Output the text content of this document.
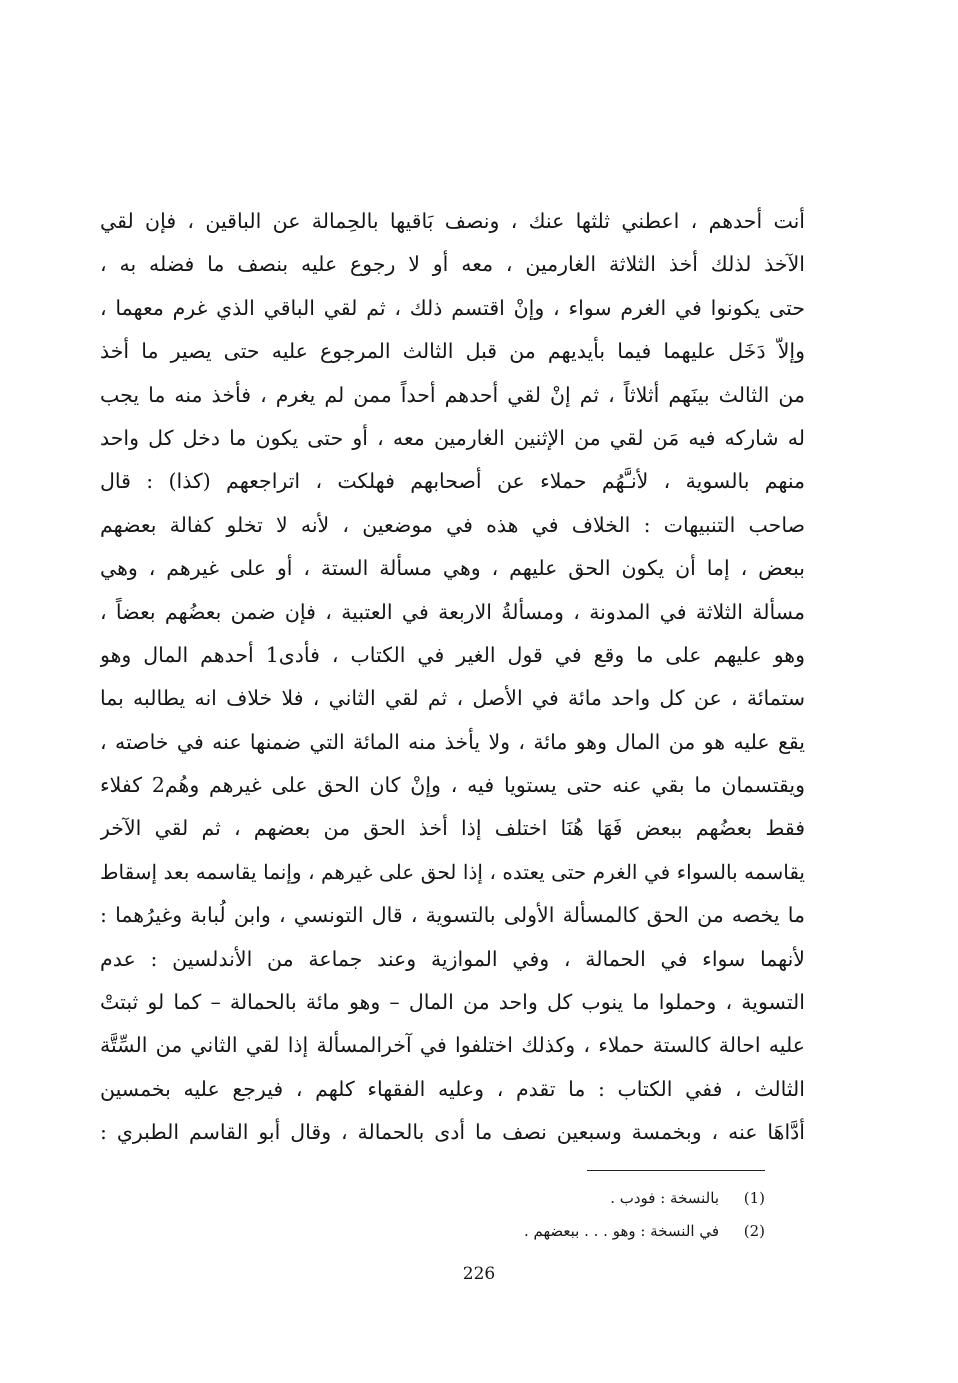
أنت أحدهم ، اعطني ثلثها عنك ، ونصف بَاقيها بالحِمالة عن الباقين ، فإن لقي
الآخذ لذلك أخذ الثلاثة الغارمين ، معه أو لا رجوع عليه بنصف ما فضله به ،
حتى يكونوا في الغرم سواء ، وإنْ اقتسم ذلك ، ثم لقي الباقي الذي غرم معهما ،
وإلاّ دَخَل عليهما فيما بأيديهم من قبل الثالث المرجوع عليه حتى يصير ما أخذ
من الثالث بينَهم أثلاثاً ، ثم إنْ لقي أحدهم أحداً ممن لم يغرم ، فأخذ منه ما يجب
له شاركه فيه مَن لقي من الإثنين الغارمين معه ، أو حتى يكون ما دخل كل واحد
منهم بالسوية ، لأنـَّهُم حملاء عن أصحابهم فهلكت ، اتراجعهم (كذا) : قال
صاحب التنبيهات : الخلاف في هذه في موضعين ، لأنه لا تخلو كفالة بعضهم
ببعض ، إما أن يكون الحق عليهم ، وهي مسألة الستة ، أو على غيرهم ، وهي
مسألة الثلاثة في المدونة ، ومسألةُ الاربعة في العتبية ، فإن ضمن بعضُهم بعضاً ،
وهو عليهم على ما وقع في قول الغير في الكتاب ، فأدى1 أحدهم المال وهو
ستمائة ، عن كل واحد مائة في الأصل ، ثم لقي الثاني ، فلا خلاف انه يطالبه بما
يقع عليه هو من المال وهو مائة ، ولا يأخذ منه المائة التي ضمنها عنه في خاصته ،
ويقتسمان ما بقي عنه حتى يستويا فيه ، وإنْ كان الحق على غيرهم وهُم2 كفلاء
فقط بعضُهم ببعض فَهَا هُنَا اختلف إذا أخذ الحق من بعضهم ، ثم لقي الآخر
يقاسمه بالسواء في الغرم حتى يعتده ، إذا لحق على غيرهم ، وإنما يقاسمه بعد إسقاط
ما يخصه من الحق كالمسألة الأولى بالتسوية ، قال التونسي ، وابن لُبابة وغيرُهما :
لأنهما سواء في الحمالة ، وفي الموازية وعند جماعة من الأندلسين : عدم
التسوية ، وحملوا ما ينوب كل واحد من المال – وهو مائة بالحمالة – كما لو ثبتتْ
عليه احالة كالستة حملاء ، وكذلك اختلفوا في آخرالمسألة إذا لقي الثاني من السِّتَّة
الثالث ، ففي الكتاب : ما تقدم ، وعليه الفقهاء كلهم ، فيرجع عليه بخمسين
أدَّاهَا عنه ، وبخمسة وسبعين نصف ما أدى بالحمالة ، وقال أبو القاسم الطبري :
(1)بالنسخة : فودب .
(2)في النسخة : وهو . . . ببعضهم .
226
